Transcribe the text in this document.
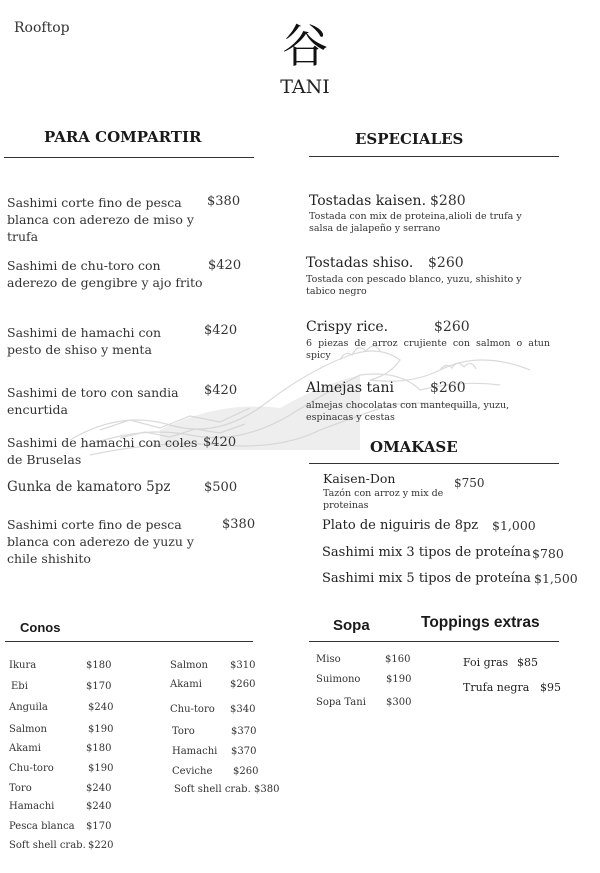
Rooftop	谷
TANI
PARA COMPARTIR
Sashimi corte fino de pesca blanca con aderezo de miso y trufa
$380
Sashimi de chu-toro con aderezo de gengibre y ajo frito
$420
Sashimi de hamachi con pesto de shiso y menta
$420
Sashimi de toro con sandia encurtida
$420
Sashimi de hamachi con coles de Bruselas
$420
Gunka de kamatoro 5pz	$500
Sashimi corte fino de pesca blanca con aderezo de yuzu y chile shishito
$380
ESPECIALES
Tostadas kaisen. $280
Tostada con mix de proteina,alioli de trufa y salsa de jalapeño y serrano
Tostadas shiso. $260
Tostada con pescado blanco, yuzu, shishito y tabico negro
Crispy rice.	$260
6 piezas de arroz crujiente con salmon o atun spicy
Almejas tani	$260
almejas chocolatas con mantequilla, yuzu, espinacas y cestas
OMAKASE
Kaisen-Don	$750
Tazón con arroz y mix de proteinas
Plato de niguiris de 8pz $1,000
Sashimi mix 3 tipos de proteína $780
Sashimi mix 5 tipos de proteína $1,500
Conos
Ikura	$180
Ebi	$170
Anguila	$240
Salmon	$190
Akami	$180
Chu-toro	$190
Toro	$240
Hamachi	$240
Pesca blanca $170
Soft shell crab. $220
Salmon $310
Akami	$260
Chu-toro $340
Toro	$370
Hamachi $370
Ceviche $260
Soft shell crab. $380
Sopa
Miso	$160
Suimono	$190
Sopa Tani $300
Toppings extras
Foi gras $85
Trufa negra $95
